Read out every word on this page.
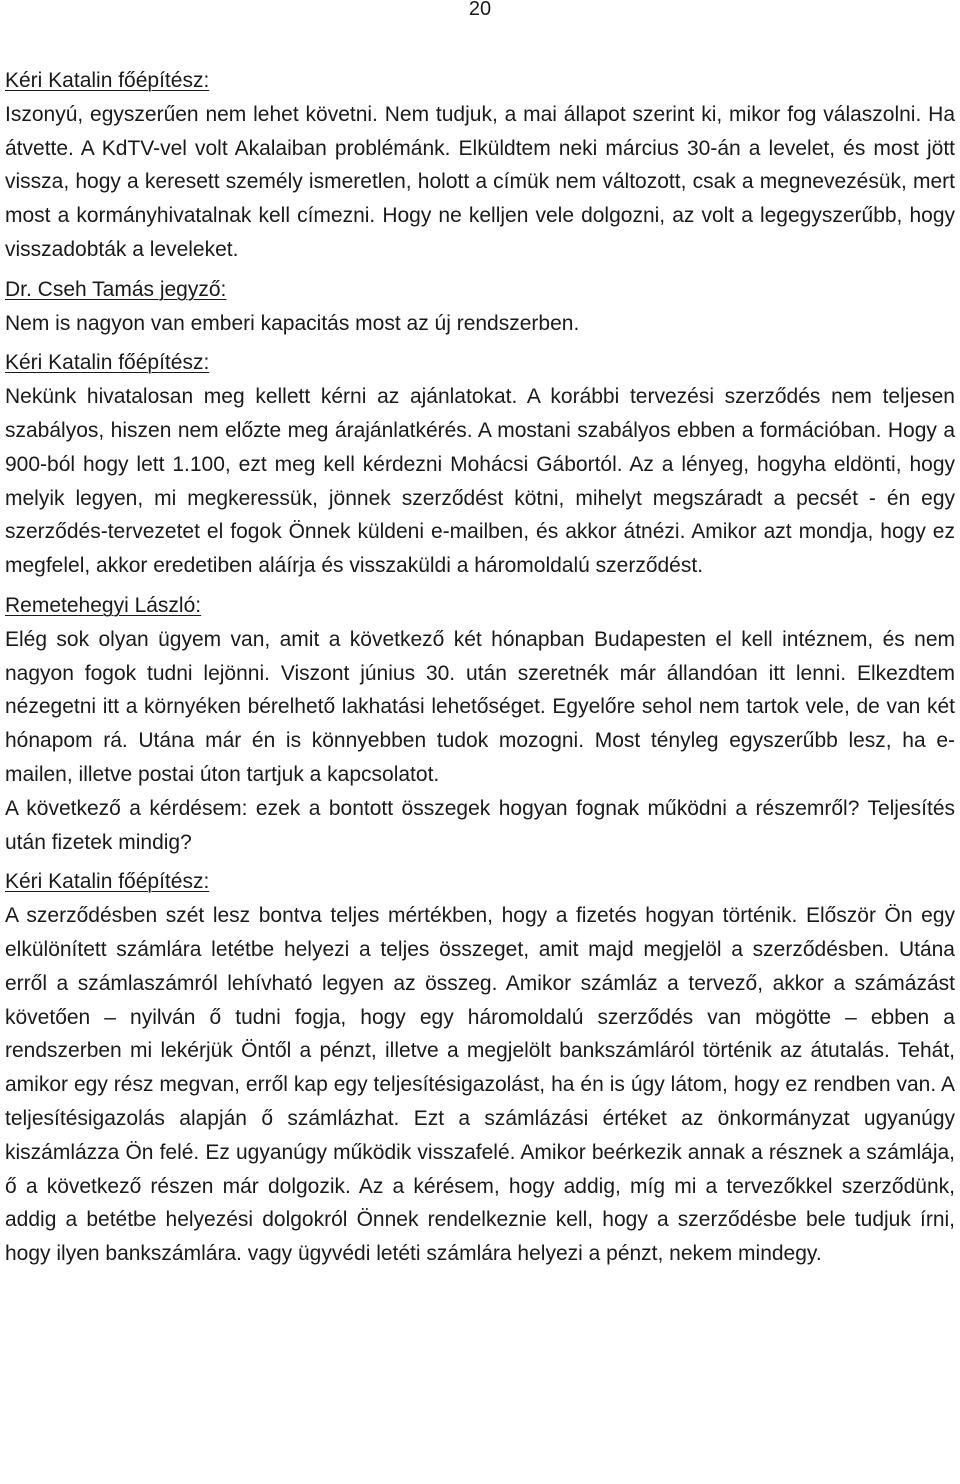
20
Kéri Katalin főépítész:
Iszonyú, egyszerűen nem lehet követni. Nem tudjuk, a mai állapot szerint ki, mikor fog válaszolni. Ha átvette. A KdTV-vel volt Akalaiban problémánk. Elküldtem neki március 30-án a levelet, és most jött vissza, hogy a keresett személy ismeretlen, holott a címük nem változott, csak a megnevezésük, mert most a kormányhivatalnak kell címezni. Hogy ne kelljen vele dolgozni, az volt a legegyszerűbb, hogy visszadobták a leveleket.
Dr. Cseh Tamás jegyző:
Nem is nagyon van emberi kapacitás most az új rendszerben.
Kéri Katalin főépítész:
Nekünk hivatalosan meg kellett kérni az ajánlatokat. A korábbi tervezési szerződés nem teljesen szabályos, hiszen nem előzte meg árajánlatkérés. A mostani szabályos ebben a formációban. Hogy a 900-ból hogy lett 1.100, ezt meg kell kérdezni Mohácsi Gábortól. Az a lényeg, hogyha eldönti, hogy melyik legyen, mi megkeressük, jönnek szerződést kötni, mihelyt megszáradt a pecsét - én egy szerződés-tervezetet el fogok Önnek küldeni e-mailben, és akkor átnézi. Amikor azt mondja, hogy ez megfelel, akkor eredetiben aláírja és visszaküldi a háromoldalú szerződést.
Remetehegyi László:
Elég sok olyan ügyem van, amit a következő két hónapban Budapesten el kell intéznem, és nem nagyon fogok tudni lejönni. Viszont június 30. után szeretnék már állandóan itt lenni. Elkezdtem nézegetni itt a környéken bérelhető lakhatási lehetőséget. Egyelőre sehol nem tartok vele, de van két hónapom rá. Utána már én is könnyebben tudok mozogni. Most tényleg egyszerűbb lesz, ha e-mailen, illetve postai úton tartjuk a kapcsolatot.
A következő a kérdésem: ezek a bontott összegek hogyan fognak működni a részemről? Teljesítés után fizetek mindig?
Kéri Katalin főépítész:
A szerződésben szét lesz bontva teljes mértékben, hogy a fizetés hogyan történik. Először Ön egy elkülönített számlára letétbe helyezi a teljes összeget, amit majd megjelöl a szerződésben. Utána erről a számlaszámról lehívható legyen az összeg. Amikor számláz a tervező, akkor a számázást követően – nyilván ő tudni fogja, hogy egy háromoldalú szerződés van mögötte – ebben a rendszerben mi lekérjük Öntől a pénzt, illetve a megjelölt bankszámláról történik az átutalás. Tehát, amikor egy rész megvan, erről kap egy teljesítésigazolást, ha én is úgy látom, hogy ez rendben van. A teljesítésigazolás alapján ő számlázhat. Ezt a számlázási értéket az önkormányzat ugyanúgy kiszámlázza Ön felé. Ez ugyanúgy működik visszafelé. Amikor beérkezik annak a résznek a számlája, ő a következő részen már dolgozik. Az a kérésem, hogy addig, míg mi a tervezőkkel szerződünk, addig a betétbe helyezési dolgokról Önnek rendelkeznie kell, hogy a szerződésbe bele tudjuk írni, hogy ilyen bankszámlára. vagy ügyvédi letéti számlára helyezi a pénzt, nekem mindegy.
